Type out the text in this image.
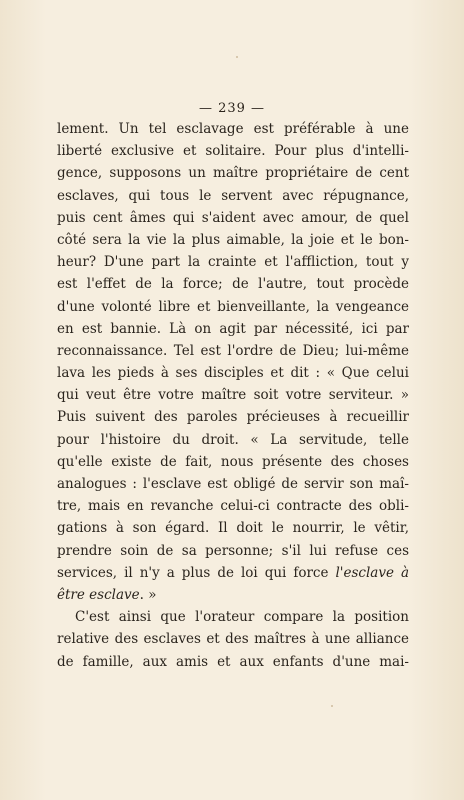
— 239 —
lement. Un tel esclavage est préférable à une
liberté exclusive et solitaire. Pour plus d'intelli-
gence, supposons un maître propriétaire de cent
esclaves, qui tous le servent avec répugnance,
puis cent âmes qui s'aident avec amour, de quel
côté sera la vie la plus aimable, la joie et le bon-
heur? D'une part la crainte et l'affliction, tout y
est l'effet de la force; de l'autre, tout procède
d'une volonté libre et bienveillante, la vengeance
en est bannie. Là on agit par nécessité, ici par
reconnaissance. Tel est l'ordre de Dieu; lui-même
lava les pieds à ses disciples et dit : « Que celui
qui veut être votre maître soit votre serviteur. »
Puis suivent des paroles précieuses à recueillir
pour l'histoire du droit. « La servitude, telle
qu'elle existe de fait, nous présente des choses
analogues : l'esclave est obligé de servir son maî-
tre, mais en revanche celui-ci contracte des obli-
gations à son égard. Il doit le nourrir, le vêtir,
prendre soin de sa personne; s'il lui refuse ces
services, il n'y a plus de loi qui force l'esclave à
être esclave. »
C'est ainsi que l'orateur compare la position
relative des esclaves et des maîtres à une alliance
de famille, aux amis et aux enfants d'une mai-
